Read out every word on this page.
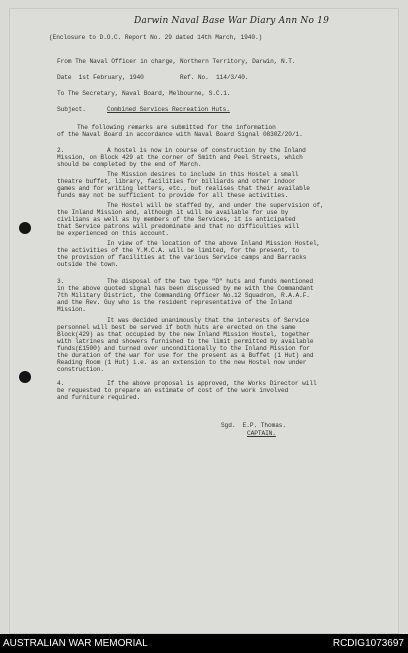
Darwin Naval Base War Diary Ann No 19
(Enclosure to D.O.C. Report No. 29 dated 14th March, 1940.)
From The Naval Officer in charge, Northern Territory, Darwin, N.T.
Date  1st February, 1940          Ref. No.  114/3/40.
To The Secretary, Naval Board, Melbourne, S.C.1.
Subject.	Combined Services Recreation Huts.
The following remarks are submitted for the information
of the Naval Board in accordance with Naval Board Signal 0830Z/20/1.
2.	A hostel is now in course of construction by the Inland
Mission, on Block 429 at the corner of Smith and Peel Streets, which
should be completed by the end of March.
The Mission desires to include in this Hostel a small
theatre buffet, library, facilities for billiards and other indoor
games and for writing letters, etc., but realises that their available
funds may not be sufficient to provide for all these activities.
The Hostel will be staffed by, and under the supervision of,
the Inland Mission and, although it will be available for use by
civilians as well as by members of the Services, it is anticipated
that Service patrons will predominate and that no difficulties will
be experienced on this account.
In view of the location of the above Inland Mission Hostel,
the activities of the Y.M.C.A. will be limited, for the present, to
the provision of facilities at the various Service camps and Barracks
outside the town.
3.	The disposal of the two type "D" huts and funds mentioned
in the above quoted signal has been discussed by me with the Commandant
7th Military District, the Commanding Officer No.12 Squadron, R.A.A.F.
and the Rev. Guy who is the resident representative of the Inland
Mission.
It was decided unanimously that the interests of Service
personnel will best be served if both huts are erected on the same
Block(429) as that occupied by the new Inland Mission Hostel, together
with latrines and showers furnished to the limit permitted by available
funds(£1500) and turned over unconditionally to the Inland Mission for
the duration of the war for use for the present as a Buffet (1 Hut) and
Reading Room (1 Hut) i.e. as an extension to the new Hostel now under
construction.
4.	If the above proposal is approved, the Works Director will
be requested to prepare an estimate of cost of the work involved
and furniture required.
Sgd.  E.P. Thomas.
CAPTAIN.
AUSTRALIAN WAR MEMORIAL	RCDIG1073697
